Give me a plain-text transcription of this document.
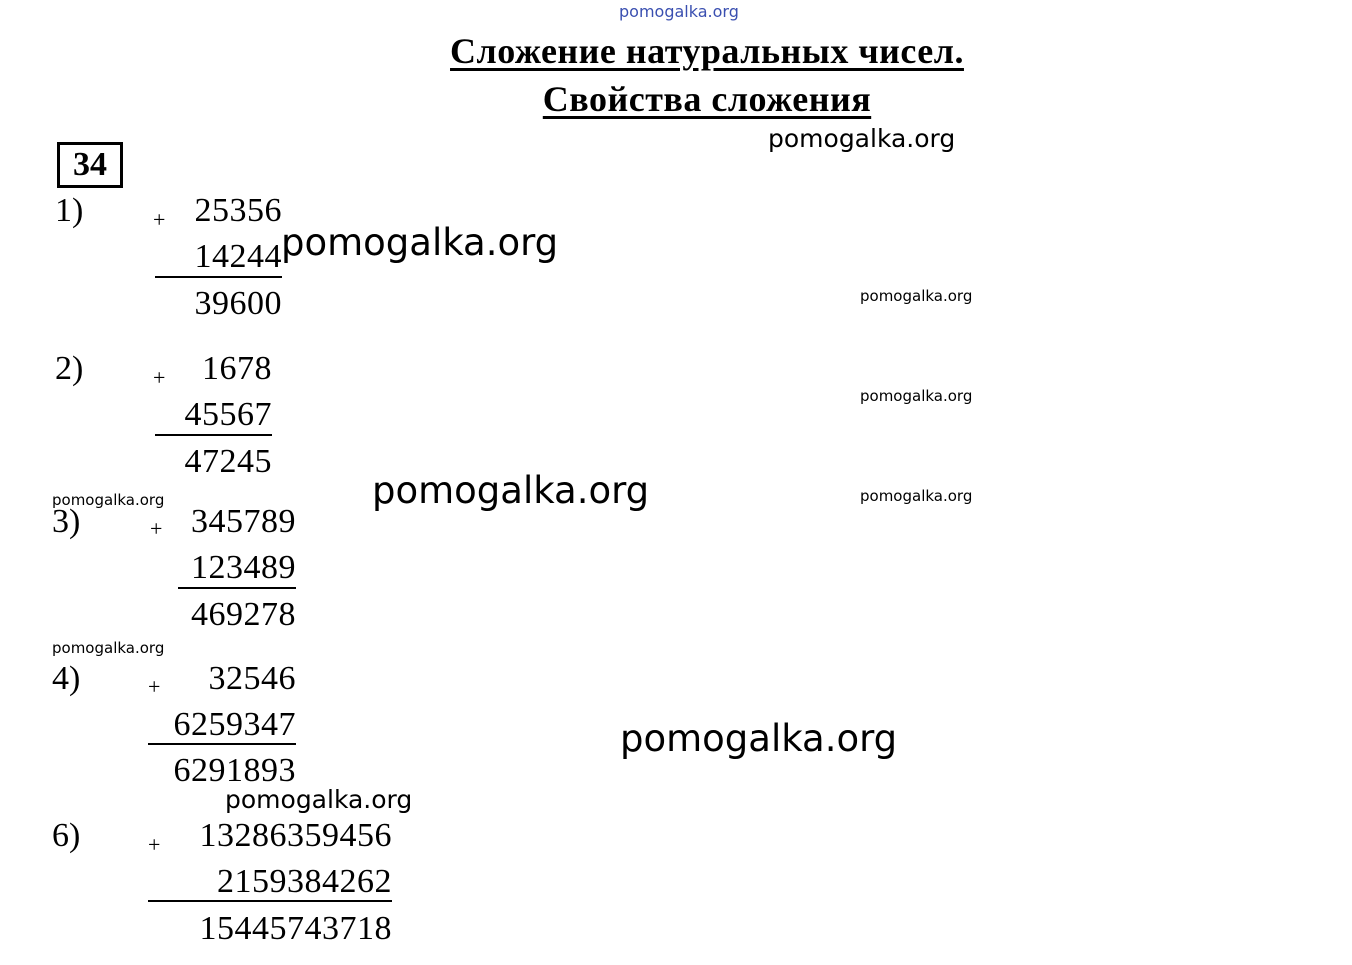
pomogalka.org
Сложение натуральных чисел.
Свойства сложения
34
1)	+ 25356
14244
39600
2)	+	1678
45567
47245
3)	+ 345789
123489
469278
4)	+	32546
6259347
6291893
6)	+	13286359456
2159384262
15445743718
pomogalka.org
pomogalka.org
pomogalka.org
pomogalka.org
pomogalka.org
pomogalka.org	pomogalka.org
pomogalka.org
pomogalka.org
pomogalka.org
